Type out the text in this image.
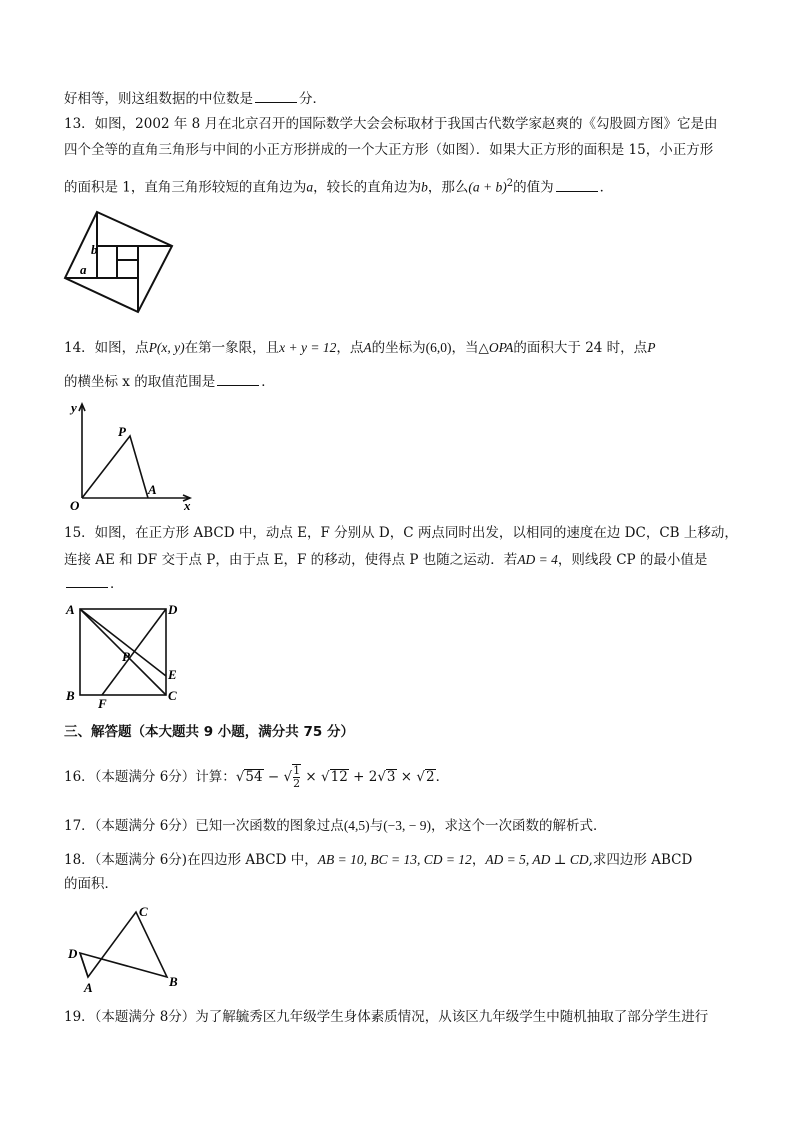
好相等，则这组数据的中位数是	分．
13．如图，2002 年 8 月在北京召开的国际数学大会会标取材于我国古代数学家赵爽的《勾股圆方图》它是由
四个全等的直角三角形与中间的小正方形拼成的一个大正方形（如图）．如果大正方形的面积是 15，小正方形
的面积是 1，直角三角形较短的直角边为a，较长的直角边为b，那么$(a + b)^2$的值为	．
b
a
14．如图，点P(x, y)在第一象限，且x + y = 12，点A的坐标为(6,0)，当△OPA的面积大于 24 时，点P
的横坐标 x 的取值范围是	．
y
x
O
P
A
15．如图，在正方形 ABCD 中，动点 E，F 分别从 D，C 两点同时出发，以相同的速度在边 DC，CB 上移动，
连接 AE 和 DF 交于点 P，由于点 E，F 的移动，使得点 P 也随之运动．若AD = 4，则线段 CP 的最小值是
．
A	D
B	C
E
F
P
三、解答题（本大题共 9 小题，满分共 75 分）
16．（本题满分 6分）计算：√54 − √ $\frac{1}{2} \times √12 + 2√3 \times √2$．
17．（本题满分 6分）已知一次函数的图象过点(4,5)与(−3, − 9)，求这个一次函数的解析式．
18．（本题满分 6分)在四边形 ABCD 中，AB = 10, BC = 13, CD = 12，AD = 5, AD ⊥ CD,求四边形 ABCD
的面积．
C
D
A	B
19．（本题满分 8分）为了解毓秀区九年级学生身体素质情况，从该区九年级学生中随机抽取了部分学生进行
